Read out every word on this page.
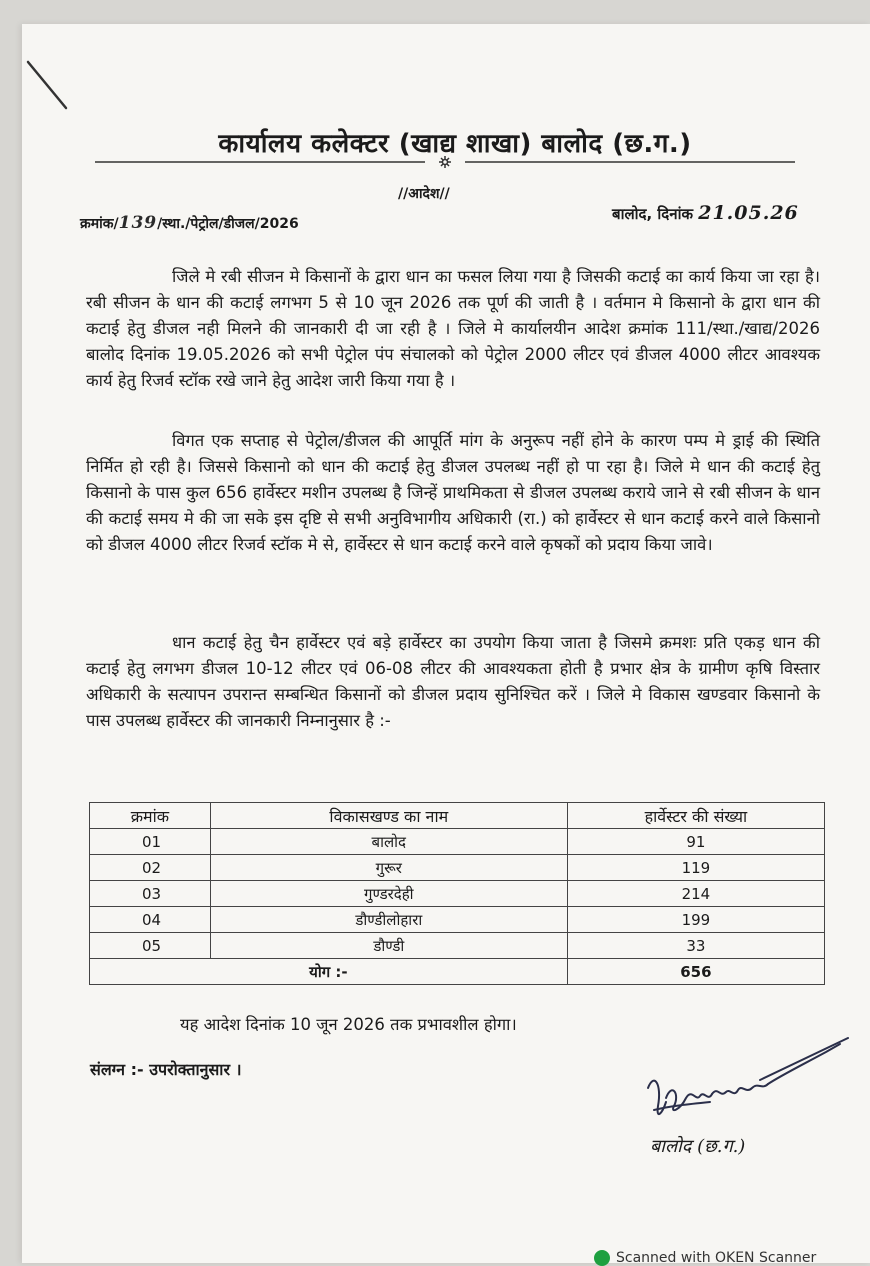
कार्यालय कलेक्टर (खाद्य शाखा) बालोद (छ.ग.)
//आदेश//
क्रमांक/139/स्था./पेट्रोल/डीजल/2026
बालोद, दिनांक 21.05.26
जिले मे रबी सीजन मे किसानों के द्वारा धान का फसल लिया गया है जिसकी कटाई का कार्य किया जा रहा है। रबी सीजन के धान की कटाई लगभग 5 से 10 जून 2026 तक पूर्ण की जाती है । वर्तमान मे किसानो के द्वारा धान की कटाई हेतु डीजल नही मिलने की जानकारी दी जा रही है । जिले मे कार्यालयीन आदेश क्रमांक 111/स्था./खाद्य/2026 बालोद दिनांक 19.05.2026 को सभी पेट्रोल पंप संचालको को पेट्रोल 2000 लीटर एवं डीजल 4000 लीटर आवश्यक कार्य हेतु रिजर्व स्टॉक रखे जाने हेतु आदेश जारी किया गया है ।
विगत एक सप्ताह से पेट्रोल/डीजल की आपूर्ति मांग के अनुरूप नहीं होने के कारण पम्प मे ड्राई की स्थिति निर्मित हो रही है। जिससे किसानो को धान की कटाई हेतु डीजल उपलब्ध नहीं हो पा रहा है। जिले मे धान की कटाई हेतु किसानो के पास कुल 656 हार्वेस्टर मशीन उपलब्ध है जिन्हें प्राथमिकता से डीजल उपलब्ध कराये जाने से रबी सीजन के धान की कटाई समय मे की जा सके इस दृष्टि से सभी अनुविभागीय अधिकारी (रा.) को हार्वेस्टर से धान कटाई करने वाले किसानो को डीजल 4000 लीटर रिजर्व स्टॉक मे से, हार्वेस्टर से धान कटाई करने वाले कृषकों को प्रदाय किया जावे।
धान कटाई हेतु चैन हार्वेस्टर एवं बड़े हार्वेस्टर का उपयोग किया जाता है जिसमे क्रमशः प्रति एकड़ धान की कटाई हेतु लगभग डीजल 10-12 लीटर एवं 06-08 लीटर की आवश्यकता होती है प्रभार क्षेत्र के ग्रामीण कृषि विस्तार अधिकारी के सत्यापन उपरान्त सम्बन्धित किसानों को डीजल प्रदाय सुनिश्चित करें । जिले मे विकास खण्डवार किसानो के पास उपलब्ध हार्वेस्टर की जानकारी निम्नानुसार है :-
क्रमांक	विकासखण्ड का नाम	हार्वेस्टर की संख्या
01	बालोद	91
02	गुरूर	119
03	गुण्डरदेही	214
04	डौण्डीलोहारा	199
05	डौण्डी	33
योग :-		656
यह आदेश दिनांक 10 जून 2026 तक प्रभावशील होगा।
संलग्न :- उपरोक्तानुसार ।
बालोद (छ.ग.)
Scanned with OKEN Scanner
